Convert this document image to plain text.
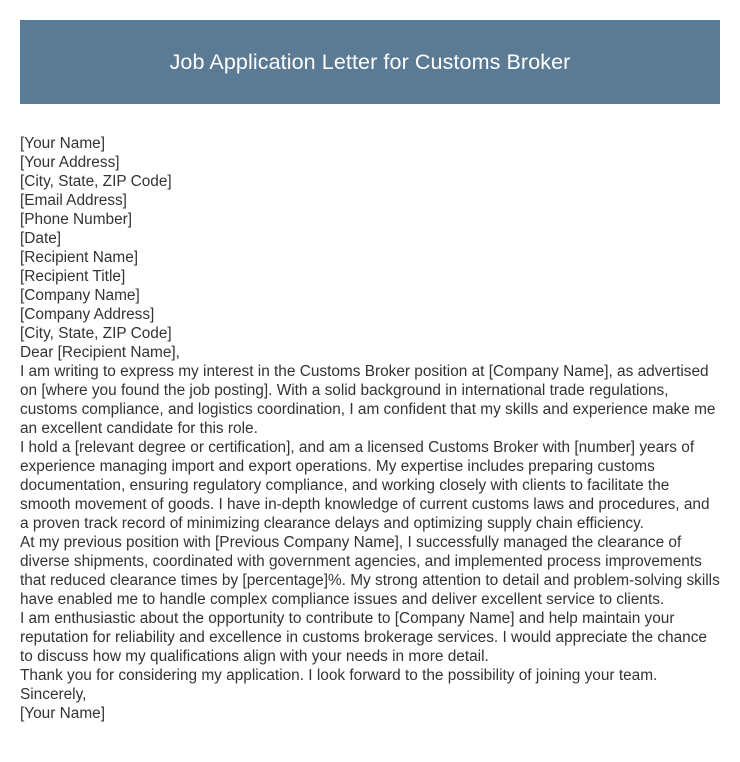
Job Application Letter for Customs Broker

[Your Name]

[Your Address]

[City, State, ZIP Code]

[Email Address]

[Phone Number]

[Date]

[Recipient Name]

[Recipient Title]

[Company Name]

[Company Address]

[City, State, ZIP Code]

Dear [Recipient Name],

I am writing to express my interest in the Customs Broker position at [Company Name], as advertised on [where you found the job posting]. With a solid background in international trade regulations, customs compliance, and logistics coordination, I am confident that my skills and experience make me an excellent candidate for this role.

I hold a [relevant degree or certification], and am a licensed Customs Broker with [number] years of experience managing import and export operations. My expertise includes preparing customs documentation, ensuring regulatory compliance, and working closely with clients to facilitate the smooth movement of goods. I have in-depth knowledge of current customs laws and procedures, and a proven track record of minimizing clearance delays and optimizing supply chain efficiency.

At my previous position with [Previous Company Name], I successfully managed the clearance of diverse shipments, coordinated with government agencies, and implemented process improvements that reduced clearance times by [percentage]%. My strong attention to detail and problem-solving skills have enabled me to handle complex compliance issues and deliver excellent service to clients.

I am enthusiastic about the opportunity to contribute to [Company Name] and help maintain your reputation for reliability and excellence in customs brokerage services. I would appreciate the chance to discuss how my qualifications align with your needs in more detail.

Thank you for considering my application. I look forward to the possibility of joining your team.

Sincerely,

[Your Name]
